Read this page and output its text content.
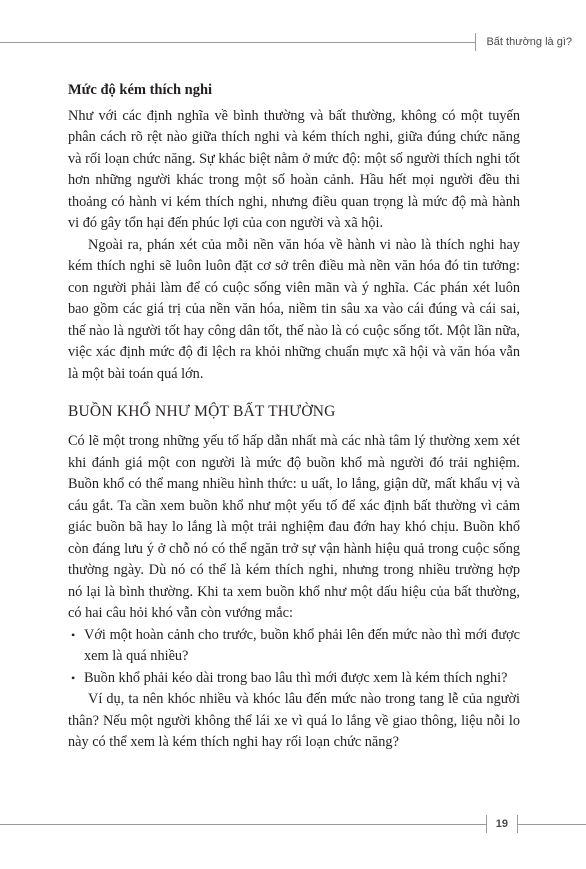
Bất thường là gì?

Mức độ kém thích nghi

Như với các định nghĩa về bình thường và bất thường, không có một tuyến phân cách rõ rệt nào giữa thích nghi và kém thích nghi, giữa đúng chức năng và rối loạn chức năng. Sự khác biệt nằm ở mức độ: một số người thích nghi tốt hơn những người khác trong một số hoàn cảnh. Hầu hết mọi người đều thi thoảng có hành vi kém thích nghi, nhưng điều quan trọng là mức độ mà hành vi đó gây tổn hại đến phúc lợi của con người và xã hội.

Ngoài ra, phán xét của mỗi nền văn hóa về hành vi nào là thích nghi hay kém thích nghi sẽ luôn luôn đặt cơ sở trên điều mà nền văn hóa đó tin tưởng: con người phải làm để có cuộc sống viên mãn và ý nghĩa. Các phán xét luôn bao gồm các giá trị của nền văn hóa, niềm tin sâu xa vào cái đúng và cái sai, thế nào là người tốt hay công dân tốt, thế nào là có cuộc sống tốt. Một lần nữa, việc xác định mức độ đi lệch ra khỏi những chuẩn mực xã hội và văn hóa vẫn là một bài toán quá lớn.

BUỒN KHỔ NHƯ MỘT BẤT THƯỜNG

Có lẽ một trong những yếu tố hấp dẫn nhất mà các nhà tâm lý thường xem xét khi đánh giá một con người là mức độ buồn khổ mà người đó trải nghiệm. Buồn khổ có thể mang nhiều hình thức: u uất, lo lắng, giận dữ, mất khẩu vị và cáu gắt. Ta cần xem buồn khổ như một yếu tố để xác định bất thường vì cảm giác buồn bã hay lo lắng là một trải nghiệm đau đớn hay khó chịu. Buồn khổ còn đáng lưu ý ở chỗ nó có thể ngăn trở sự vận hành hiệu quả trong cuộc sống thường ngày. Dù nó có thể là kém thích nghi, nhưng trong nhiều trường hợp nó lại là bình thường. Khi ta xem buồn khổ như một dấu hiệu của bất thường, có hai câu hỏi khó vẫn còn vướng mắc:

• Với một hoàn cảnh cho trước, buồn khổ phải lên đến mức nào thì mới được xem là quá nhiều?
• Buồn khổ phải kéo dài trong bao lâu thì mới được xem là kém thích nghi?

Ví dụ, ta nên khóc nhiều và khóc lâu đến mức nào trong tang lễ của người thân? Nếu một người không thể lái xe vì quá lo lắng về giao thông, liệu nỗi lo này có thể xem là kém thích nghi hay rối loạn chức năng?

19
